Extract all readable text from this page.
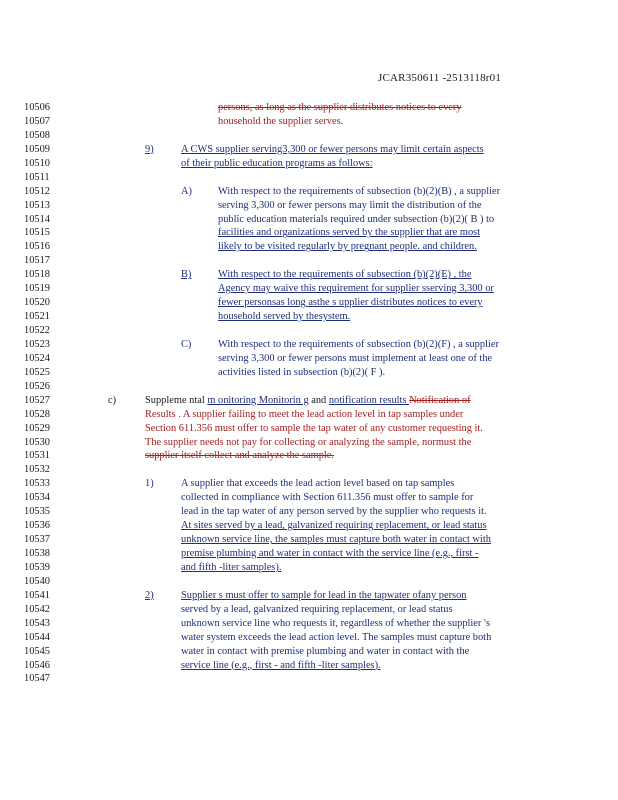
JCAR350611 -2513118r01
10506	persons, as long as the supplier distributes notices to every
10507	household the supplier serves.
10508
10509	9)	A CWS supplier serving3,300 or fewer persons may limit certain aspects
10510	of their public education programs as follows:
10511
10512	A)	With respect to the requirements of subsection (b)(2)(B) , a supplier
10513	serving 3,300 or fewer persons may limit the distribution of the
10514	public education materials required under subsection (b)(2)( B ) to
10515	facilities and organizations served by the supplier that are most
10516	likely to be visited regularly by pregnant people. and children.
10517
10518	B)	With respect to the requirements of subsection (b)(2)(E) , the
10519	Agency may waive this requirement for supplier sserving 3,300 or
10520	fewer personsas long asthe s upplier distributes notices to every
10521	household served by thesystem.
10522
10523	C)	With respect to the requirements of subsection (b)(2)(F) , a supplier
10524	serving 3,300 or fewer persons must implement at least one of the
10525	activities listed in subsection (b)(2)( F ).
10526
10527	c)	Suppleme ntal m onitoring Monitorin g and notification results Notification of
10528	Results . A supplier failing to meet the lead action level in tap samples under
10529	Section 611.356 must offer to sample the tap water of any customer requesting it.
10530	The supplier needs not pay for collecting or analyzing the sample, normust the
10531	supplier itself collect and analyze the sample.
10532
10533	1)	A supplier that exceeds the lead action level based on tap samples
10534	collected in compliance with Section 611.356 must offer to sample for
10535	lead in the tap water of any person served by the supplier who requests it.
10536	At sites served by a lead, galvanized requiring replacement, or lead status
10537	unknown service line, the samples must capture both water in contact with
10538	premise plumbing and water in contact with the service line (e.g., first -
10539	and fifth -liter samples).
10540
10541	2)	Supplier s must offer to sample for lead in the tapwater ofany person
10542	served by a lead, galvanized requiring replacement, or lead status
10543	unknown service line who requests it, regardless of whether the supplier 's
10544	water system exceeds the lead action level. The samples must capture both
10545	water in contact with premise plumbing and water in contact with the
10546	service line (e.g., first - and fifth -liter samples).
10547
